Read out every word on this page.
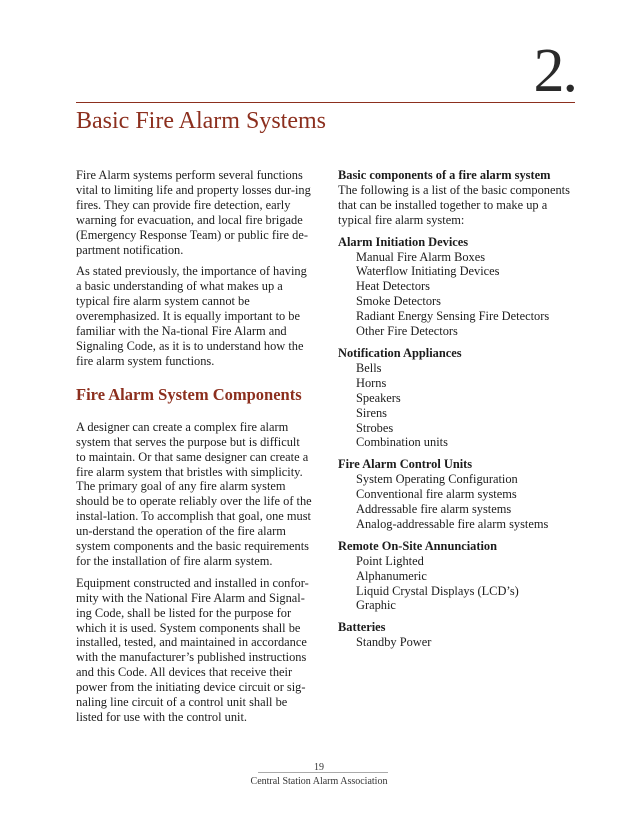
2.
Basic Fire Alarm Systems

Fire Alarm systems perform several functions vital to limiting life and property losses dur-ing fires. They can provide fire detection, early warning for evacuation, and local fire brigade (Emergency Response Team) or public fire de-partment notification.

As stated previously, the importance of having a basic understanding of what makes up a typical fire alarm system cannot be overemphasized. It is equally important to be familiar with the Na-tional Fire Alarm and Signaling Code, as it is to understand how the fire alarm system functions.

Fire Alarm System Components

A designer can create a complex fire alarm system that serves the purpose but is difficult to maintain. Or that same designer can create a fire alarm system that bristles with simplicity. The primary goal of any fire alarm system should be to operate reliably over the life of the instal-lation. To accomplish that goal, one must un-derstand the operation of the fire alarm system components and the basic requirements for the installation of fire alarm system.

Equipment constructed and installed in confor-mity with the National Fire Alarm and Signal-ing Code, shall be listed for the purpose for which it is used. System components shall be installed, tested, and maintained in accordance with the manufacturer’s published instructions and this Code. All devices that receive their power from the initiating device circuit or sig-naling line circuit of a control unit shall be listed for use with the control unit.

Basic components of a fire alarm system

The following is a list of the basic components that can be installed together to make up a typical fire alarm system:

Alarm Initiation Devices
Manual Fire Alarm Boxes
Waterflow Initiating Devices
Heat Detectors
Smoke Detectors
Radiant Energy Sensing Fire Detectors
Other Fire Detectors
Notification Appliances
Bells
Horns
Speakers
Sirens
Strobes
Combination units
Fire Alarm Control Units
System Operating Configuration
Conventional fire alarm systems
Addressable fire alarm systems
Analog-addressable fire alarm systems
Remote On-Site Annunciation
Point Lighted
Alphanumeric
Liquid Crystal Displays (LCD’s)
Graphic
Batteries
Standby Power
19
Central Station Alarm Association
